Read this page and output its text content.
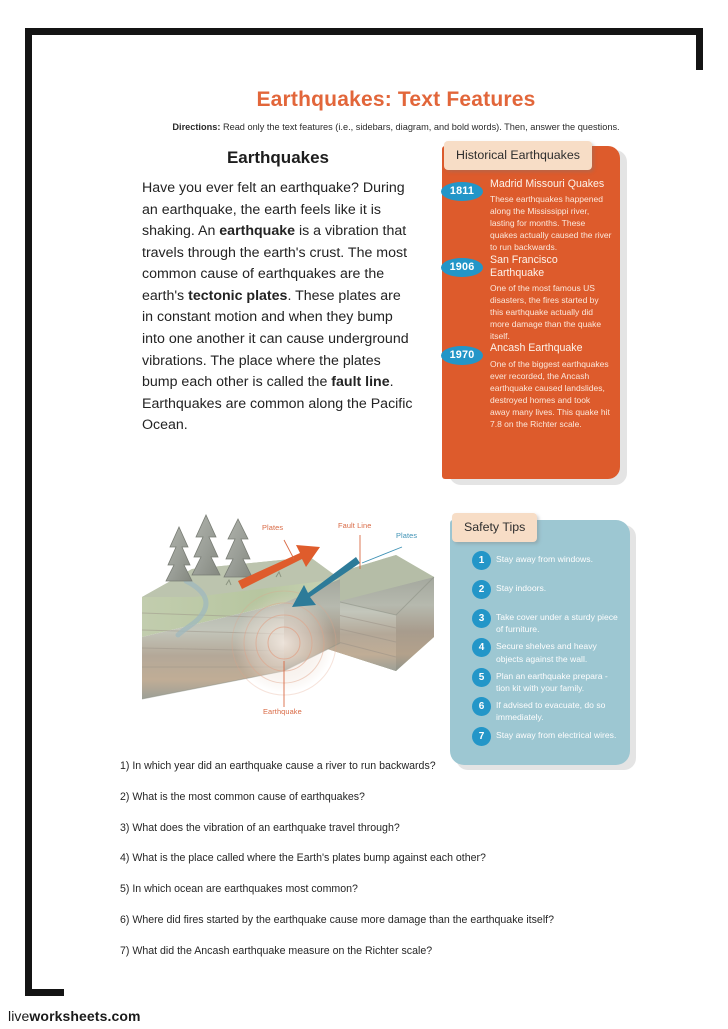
Earthquakes: Text Features
Directions: Read only the text features (i.e., sidebars, diagram, and bold words). Then, answer the questions.
Earthquakes
Have you ever felt an earthquake? During an earthquake, the earth feels like it is shaking. An earthquake is a vibration that travels through the earth's crust. The most common cause of earthquakes are the earth's tectonic plates. These plates are in constant motion and when they bump into one another it can cause underground vibrations. The place where the plates bump each other is called the fault line. Earthquakes are common along the Pacific Ocean.
Historical Earthquakes
1811
Madrid Missouri Quakes
These earthquakes happened along the Mississippi river, lasting for months. These quakes actually caused the river to run backwards.
1906
San Francisco Earthquake
One of the most famous US disasters, the fires started by this earthquake actually did more damage than the quake itself.
1970
Ancash Earthquake
One of the biggest earthquakes ever recorded, the Ancash earthquake caused landslides, destroyed homes and took away many lives. This quake hit 7.8 on the Richter scale.
Safety Tips
1	Stay away from windows.
2	Stay indoors.
3	Take cover under a sturdy piece of furniture.
4	Secure shelves and heavy objects against the wall.
5	Plan an earthquake prepara - tion kit with your family.
6	If advised to evacuate, do so immediately.
7	Stay away from electrical wires.
Plates	Fault Line
Plates
Earthquake
1) In which year did an earthquake cause a river to run backwards?
2) What is the most common cause of earthquakes?
3) What does the vibration of an earthquake travel through?
4) What is the place called where the Earth's plates bump against each other?
5) In which ocean are earthquakes most common?
6) Where did fires started by the earthquake cause more damage than the earthquake itself?
7) What did the Ancash earthquake measure on the Richter scale?
liveworksheets.com
